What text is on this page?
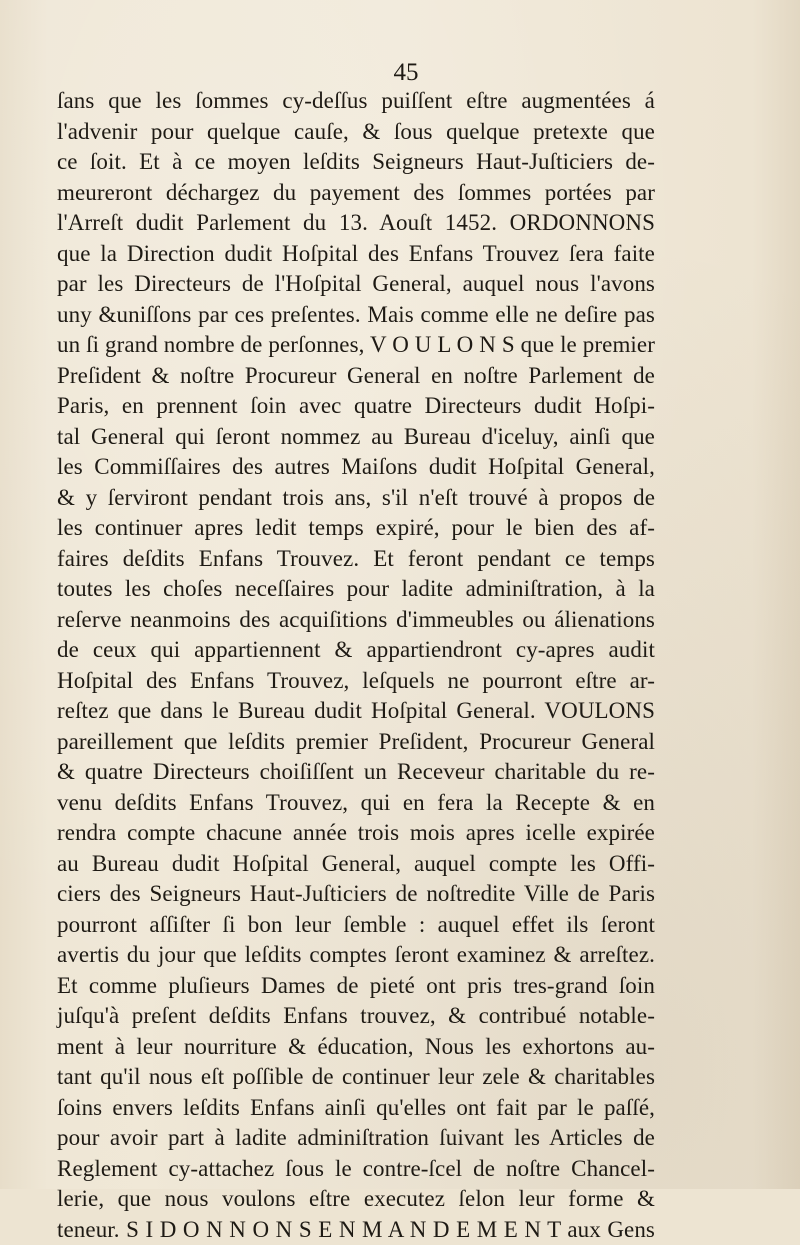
45
ſans que les ſommes cy-deſſus puiſſent eſtre augmentées á
l'advenir pour quelque cauſe, & ſous quelque pretexte que
ce ſoit. Et à ce moyen leſdits Seigneurs Haut-Juſticiers de-
meureront déchargez du payement des ſommes portées par
l'Arreſt dudit Parlement du 13. Aouſt 1452. ORDONNONS
que la Direction dudit Hoſpital des Enfans Trouvez ſera faite
par les Directeurs de l'Hoſpital General, auquel nous l'avons
uny &uniſſons par ces preſentes. Mais comme elle ne deſire pas
un ſi grand nombre de perſonnes, V O U L O N S que le premier
Preſident & noſtre Procureur General en noſtre Parlement de
Paris, en prennent ſoin avec quatre Directeurs dudit Hoſpi-
tal General qui ſeront nommez au Bureau d'iceluy, ainſi que
les Commiſſaires des autres Maiſons dudit Hoſpital General,
& y ſerviront pendant trois ans, s'il n'eſt trouvé à propos de
les continuer apres ledit temps expiré, pour le bien des af-
faires deſdits Enfans Trouvez. Et feront pendant ce temps
toutes les choſes neceſſaires pour ladite adminiſtration, à la
reſerve neanmoins des acquiſitions d'immeubles ou álienations
de ceux qui appartiennent & appartiendront cy-apres audit
Hoſpital des Enfans Trouvez, leſquels ne pourront eſtre ar-
reſtez que dans le Bureau dudit Hoſpital General. VOULONS
pareillement que leſdits premier Preſident, Procureur General
& quatre Directeurs choiſiſſent un Receveur charitable du re-
venu deſdits Enfans Trouvez, qui en fera la Recepte & en
rendra compte chacune année trois mois apres icelle expirée
au Bureau dudit Hoſpital General, auquel compte les Offi-
ciers des Seigneurs Haut-Juſticiers de noſtredite Ville de Paris
pourront aſſiſter ſi bon leur ſemble : auquel effet ils ſeront
avertis du jour que leſdits comptes ſeront examinez & arreſtez.
Et comme pluſieurs Dames de pieté ont pris tres-grand ſoin
juſqu'à preſent deſdits Enfans trouvez, & contribué notable-
ment à leur nourriture & éducation, Nous les exhortons au-
tant qu'il nous eſt poſſible de continuer leur zele & charitables
ſoins envers leſdits Enfans ainſi qu'elles ont fait par le paſſé,
pour avoir part à ladite adminiſtration ſuivant les Articles de
Reglement cy-attachez ſous le contre-ſcel de noſtre Chancel-
lerie, que nous voulons eſtre executez ſelon leur forme &
teneur. S I D O N N O N S E N M A N D E M E N T aux Gens
